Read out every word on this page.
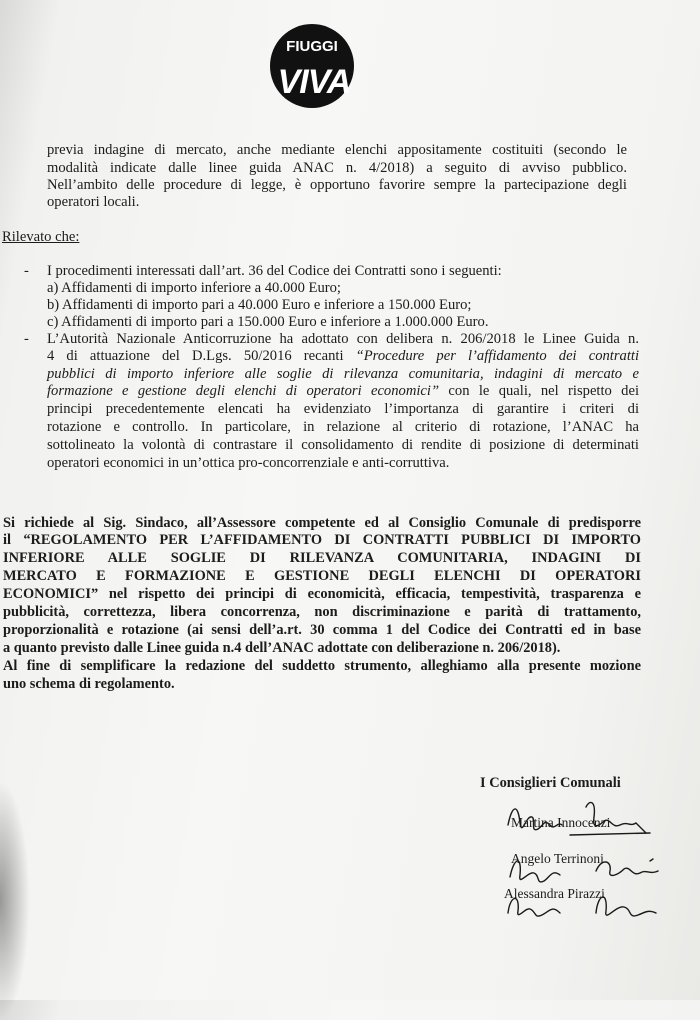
FIUGGI
VIVA
previa indagine di mercato, anche mediante elenchi appositamente costituiti (secondo le
modalità indicate dalle linee guida ANAC n. 4/2018) a seguito di avviso pubblico.
Nell’ambito delle procedure di legge, è opportuno favorire sempre la partecipazione degli
operatori locali.
Rilevato che:
- I procedimenti interessati dall’art. 36 del Codice dei Contratti sono i seguenti:
a) Affidamenti di importo inferiore a 40.000 Euro;
b) Affidamenti di importo pari a 40.000 Euro e inferiore a 150.000 Euro;
c) Affidamenti di importo pari a 150.000 Euro e inferiore a 1.000.000 Euro.
- L’Autorità Nazionale Anticorruzione ha adottato con delibera n. 206/2018 le Linee Guida n.
4 di attuazione del D.Lgs. 50/2016 recanti “Procedure per l’affidamento dei contratti
pubblici di importo inferiore alle soglie di rilevanza comunitaria, indagini di mercato e
formazione e gestione degli elenchi di operatori economici” con le quali, nel rispetto dei
principi precedentemente elencati ha evidenziato l’importanza di garantire i criteri di
rotazione e controllo. In particolare, in relazione al criterio di rotazione, l’ANAC ha
sottolineato la volontà di contrastare il consolidamento di rendite di posizione di determinati
operatori economici in un’ottica pro-concorrenziale e anti-corruttiva.
Si richiede al Sig. Sindaco, all’Assessore competente ed al Consiglio Comunale di predisporre
il “REGOLAMENTO PER L’AFFIDAMENTO DI CONTRATTI PUBBLICI DI IMPORTO
INFERIORE ALLE SOGLIE DI RILEVANZA COMUNITARIA, INDAGINI DI
MERCATO E FORMAZIONE E GESTIONE DEGLI ELENCHI DI OPERATORI
ECONOMICI” nel rispetto dei principi di economicità, efficacia, tempestività, trasparenza e
pubblicità, correttezza, libera concorrenza, non discriminazione e parità di trattamento,
proporzionalità e rotazione (ai sensi dell’a.rt. 30 comma 1 del Codice dei Contratti ed in base
a quanto previsto dalle Linee guida n.4 dell’ANAC adottate con deliberazione n. 206/2018).
Al fine di semplificare la redazione del suddetto strumento, alleghiamo alla presente mozione
uno schema di regolamento.
I Consiglieri Comunali
Martina Innocenzi
Angelo Terrinoni
Alessandra Pirazzi
